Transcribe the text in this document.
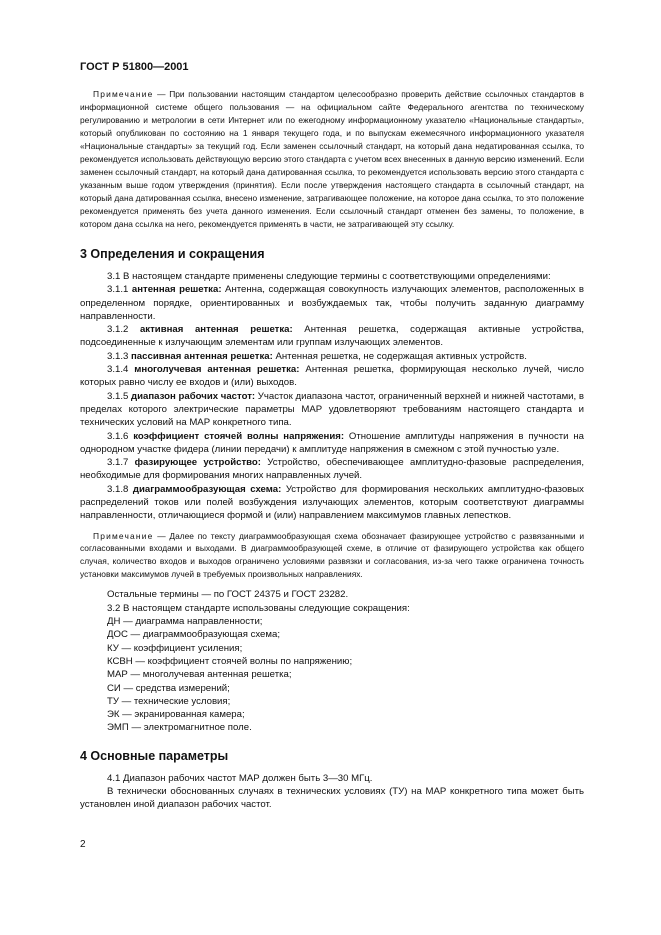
ГОСТ Р 51800—2001

Примечание — При пользовании настоящим стандартом целесообразно проверить действие ссылочных стандартов в информационной системе общего пользования — на официальном сайте Федерального агентства по техническому регулированию и метрологии в сети Интернет или по ежегодному информационному указателю «Национальные стандарты», который опубликован по состоянию на 1 января текущего года, и по выпускам ежемесячного информационного указателя «Национальные стандарты» за текущий год. Если заменен ссылочный стандарт, на который дана недатированная ссылка, то рекомендуется использовать действующую версию этого стандарта с учетом всех внесенных в данную версию изменений. Если заменен ссылочный стандарт, на который дана датированная ссылка, то рекомендуется использовать версию этого стандарта с указанным выше годом утверждения (принятия). Если после утверждения настоящего стандарта в ссылочный стандарт, на который дана датированная ссылка, внесено изменение, затрагивающее положение, на которое дана ссылка, то это положение рекомендуется применять без учета данного изменения. Если ссылочный стандарт отменен без замены, то положение, в котором дана ссылка на него, рекомендуется применять в части, не затрагивающей эту ссылку.

3 Определения и сокращения

3.1 В настоящем стандарте применены следующие термины с соответствующими определениями:

3.1.1 антенная решетка: Антенна, содержащая совокупность излучающих элементов, расположенных в определенном порядке, ориентированных и возбуждаемых так, чтобы получить заданную диаграмму направленности.

3.1.2 активная антенная решетка: Антенная решетка, содержащая активные устройства, подсоединенные к излучающим элементам или группам излучающих элементов.

3.1.3 пассивная антенная решетка: Антенная решетка, не содержащая активных устройств.

3.1.4 многолучевая антенная решетка: Антенная решетка, формирующая несколько лучей, число которых равно числу ее входов и (или) выходов.

3.1.5 диапазон рабочих частот: Участок диапазона частот, ограниченный верхней и нижней частотами, в пределах которого электрические параметры МАР удовлетворяют требованиям настоящего стандарта и технических условий на МАР конкретного типа.

3.1.6 коэффициент стоячей волны напряжения: Отношение амплитуды напряжения в пучности на однородном участке фидера (линии передачи) к амплитуде напряжения в смежном с этой пучностью узле.

3.1.7 фазирующее устройство: Устройство, обеспечивающее амплитудно-фазовые распределения, необходимые для формирования многих направленных лучей.

3.1.8 диаграммообразующая схема: Устройство для формирования нескольких амплитудно-фазовых распределений токов или полей возбуждения излучающих элементов, которым соответствуют диаграммы направленности, отличающиеся формой и (или) направлением максимумов главных лепестков.

Примечание — Далее по тексту диаграммообразующая схема обозначает фазирующее устройство с развязанными и согласованными входами и выходами. В диаграммообразующей схеме, в отличие от фазирующего устройства как общего случая, количество входов и выходов ограничено условиями развязки и согласования, из-за чего также ограничена точность установки максимумов лучей в требуемых произвольных направлениях.

Остальные термины — по ГОСТ 24375 и ГОСТ 23282.

3.2 В настоящем стандарте использованы следующие сокращения:

ДН — диаграмма направленности;

ДОС — диаграммообразующая схема;

КУ — коэффициент усиления;

КСВН — коэффициент стоячей волны по напряжению;

МАР — многолучевая антенная решетка;

СИ — средства измерений;

ТУ — технические условия;

ЭК — экранированная камера;

ЭМП — электромагнитное поле.

4 Основные параметры

4.1 Диапазон рабочих частот МАР должен быть 3—30 МГц.

В технически обоснованных случаях в технических условиях (ТУ) на МАР конкретного типа может быть установлен иной диапазон рабочих частот.

2
